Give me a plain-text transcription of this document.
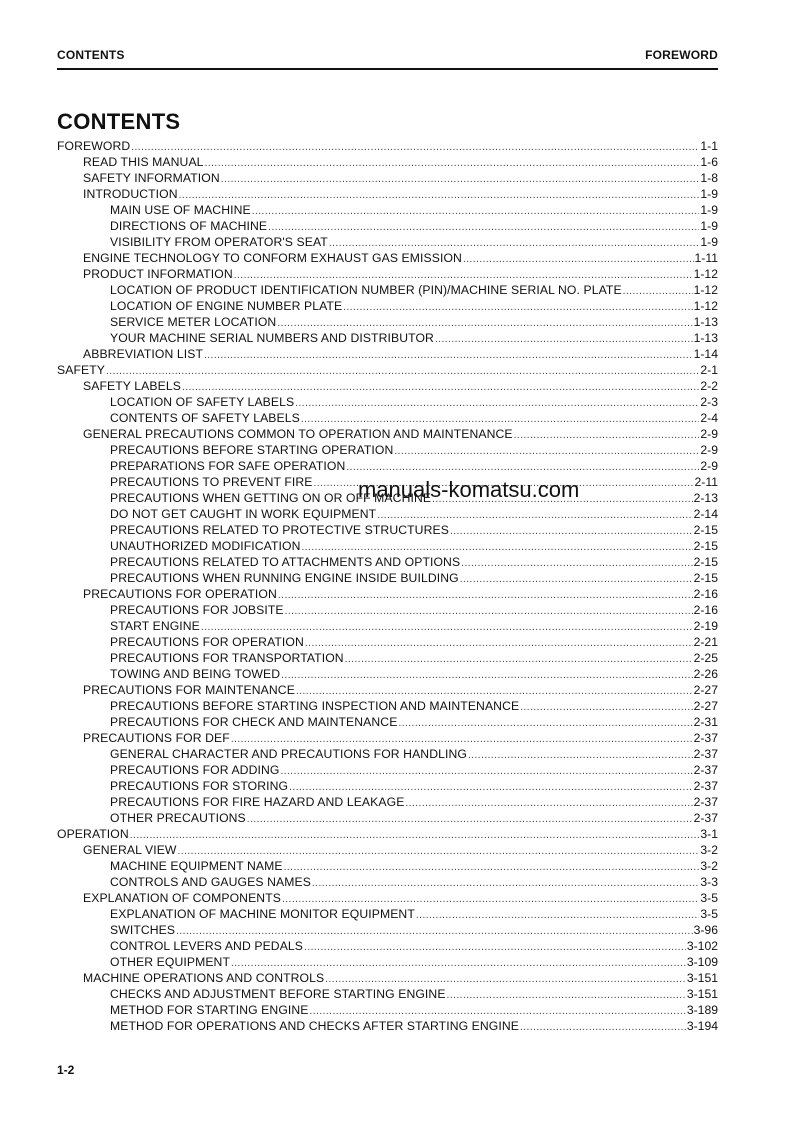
CONTENTS	FOREWORD
CONTENTS
FOREWORD .....	1-1
READ THIS MANUAL .....	1-6
SAFETY INFORMATION .....	1-8
INTRODUCTION .....	1-9
MAIN USE OF MACHINE .....	1-9
DIRECTIONS OF MACHINE .....	1-9
VISIBILITY FROM OPERATOR'S SEAT .....	1-9
ENGINE TECHNOLOGY TO CONFORM EXHAUST GAS EMISSION .....	1-11
PRODUCT INFORMATION .....	1-12
LOCATION OF PRODUCT IDENTIFICATION NUMBER (PIN)/MACHINE SERIAL NO. PLATE .....	1-12
LOCATION OF ENGINE NUMBER PLATE .....	1-12
SERVICE METER LOCATION .....	1-13
YOUR MACHINE SERIAL NUMBERS AND DISTRIBUTOR .....	1-13
ABBREVIATION LIST .....	1-14
SAFETY .....	2-1
SAFETY LABELS .....	2-2
LOCATION OF SAFETY LABELS .....	2-3
CONTENTS OF SAFETY LABELS .....	2-4
GENERAL PRECAUTIONS COMMON TO OPERATION AND MAINTENANCE .....	2-9
PRECAUTIONS BEFORE STARTING OPERATION .....	2-9
PREPARATIONS FOR SAFE OPERATION .....	2-9
PRECAUTIONS TO PREVENT FIRE .....	2-11
PRECAUTIONS WHEN GETTING ON OR OFF MACHINE .....	2-13
DO NOT GET CAUGHT IN WORK EQUIPMENT .....	2-14
PRECAUTIONS RELATED TO PROTECTIVE STRUCTURES .....	2-15
UNAUTHORIZED MODIFICATION .....	2-15
PRECAUTIONS RELATED TO ATTACHMENTS AND OPTIONS .....	2-15
PRECAUTIONS WHEN RUNNING ENGINE INSIDE BUILDING .....	2-15
PRECAUTIONS FOR OPERATION .....	2-16
PRECAUTIONS FOR JOBSITE .....	2-16
START ENGINE .....	2-19
PRECAUTIONS FOR OPERATION .....	2-21
PRECAUTIONS FOR TRANSPORTATION .....	2-25
TOWING AND BEING TOWED .....	2-26
PRECAUTIONS FOR MAINTENANCE .....	2-27
PRECAUTIONS BEFORE STARTING INSPECTION AND MAINTENANCE .....	2-27
PRECAUTIONS FOR CHECK AND MAINTENANCE .....	2-31
PRECAUTIONS FOR DEF .....	2-37
GENERAL CHARACTER AND PRECAUTIONS FOR HANDLING .....	2-37
PRECAUTIONS FOR ADDING .....	2-37
PRECAUTIONS FOR STORING .....	2-37
PRECAUTIONS FOR FIRE HAZARD AND LEAKAGE .....	2-37
OTHER PRECAUTIONS .....	2-37
OPERATION .....	3-1
GENERAL VIEW .....	3-2
MACHINE EQUIPMENT NAME .....	3-2
CONTROLS AND GAUGES NAMES .....	3-3
EXPLANATION OF COMPONENTS .....	3-5
EXPLANATION OF MACHINE MONITOR EQUIPMENT .....	3-5
SWITCHES .....	3-96
CONTROL LEVERS AND PEDALS .....	3-102
OTHER EQUIPMENT .....	3-109
MACHINE OPERATIONS AND CONTROLS .....	3-151
CHECKS AND ADJUSTMENT BEFORE STARTING ENGINE .....	3-151
METHOD FOR STARTING ENGINE .....	3-189
METHOD FOR OPERATIONS AND CHECKS AFTER STARTING ENGINE .....	3-194
manuals-komatsu.com
1-2
